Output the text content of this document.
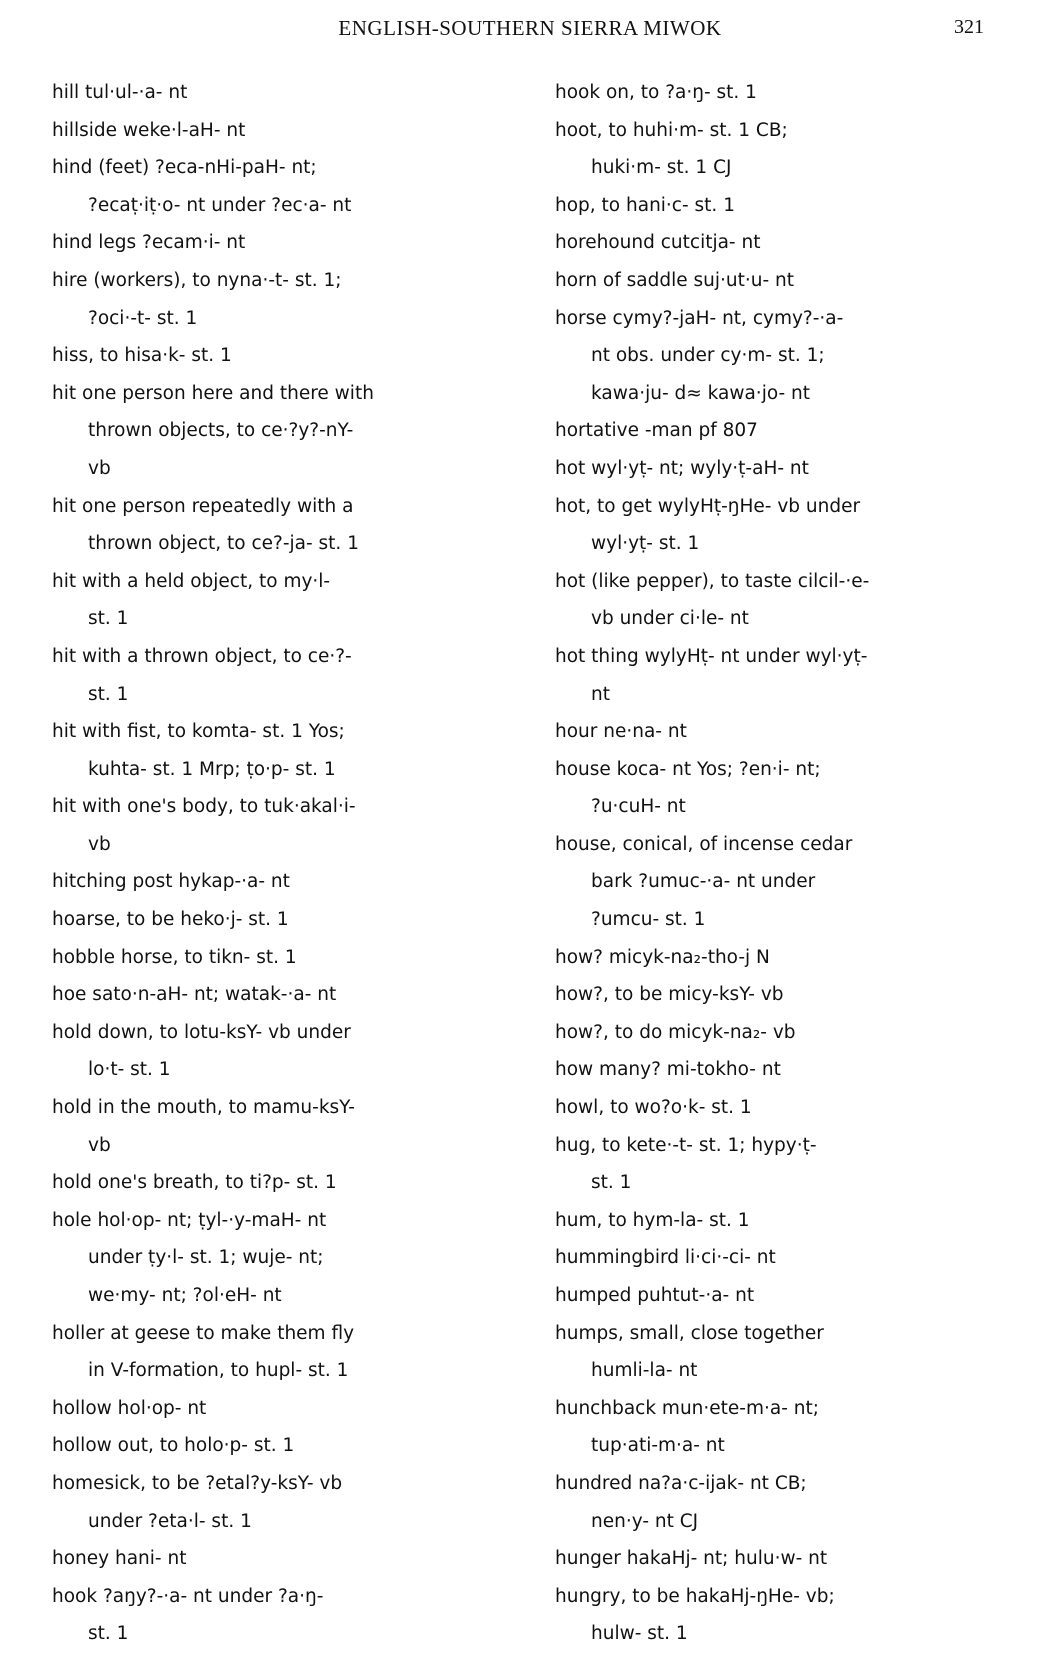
ENGLISH-SOUTHERN SIERRA MIWOK	321
hill tul·ul-·a- nt
hillside weke·l-aH- nt
hind (feet) ?eca-nHi-paH- nt;
?ecaṭ·iṭ·o- nt under ?ec·a- nt
hind legs ?ecam·i- nt
hire (workers), to nyna·-t- st. 1;
?oci·-t- st. 1
hiss, to hisa·k- st. 1
hit one person here and there with
thrown objects, to ce·?y?-nY-
vb
hit one person repeatedly with a
thrown object, to ce?-ja- st. 1
hit with a held object, to my·l-
st. 1
hit with a thrown object, to ce·?-
st. 1
hit with fist, to komta- st. 1 Yos;
kuhta- st. 1 Mrp; ṭo·p- st. 1
hit with one's body, to tuk·akal·i-
vb
hitching post hykap-·a- nt
hoarse, to be heko·j- st. 1
hobble horse, to tikn- st. 1
hoe sato·n-aH- nt; watak-·a- nt
hold down, to lotu-ksY- vb under
lo·t- st. 1
hold in the mouth, to mamu-ksY-
vb
hold one's breath, to ti?p- st. 1
hole hol·op- nt; ṭyl-·y-maH- nt
under ṭy·l- st. 1; wuje- nt;
we·my- nt; ?ol·eH- nt
holler at geese to make them fly
in V-formation, to hupl- st. 1
hollow hol·op- nt
hollow out, to holo·p- st. 1
homesick, to be ?etal?y-ksY- vb
under ?eta·l- st. 1
honey hani- nt
hook ?aŋy?-·a- nt under ?a·ŋ-
st. 1
hook on, to ?a·ŋ- st. 1
hoot, to huhi·m- st. 1 CB;
huki·m- st. 1 CJ
hop, to hani·c- st. 1
horehound cutcitja- nt
horn of saddle suj·ut·u- nt
horse cymy?-jaH- nt, cymy?-·a-
nt obs. under cy·m- st. 1;
kawa·ju- d≈ kawa·jo- nt
hortative -man pf 807
hot wyl·yṭ- nt; wyly·ṭ-aH- nt
hot, to get wylyHṭ-ŋHe- vb under
wyl·yṭ- st. 1
hot (like pepper), to taste cilcil-·e-
vb under ci·le- nt
hot thing wylyHṭ- nt under wyl·yṭ-
nt
hour ne·na- nt
house koca- nt Yos; ?en·i- nt;
?u·cuH- nt
house, conical, of incense cedar
bark ?umuc-·a- nt under
?umcu- st. 1
how? micyk-na₂-tho-j N
how?, to be micy-ksY- vb
how?, to do micyk-na₂- vb
how many? mi-tokho- nt
howl, to wo?o·k- st. 1
hug, to kete·-t- st. 1; hypy·ṭ-
st. 1
hum, to hym-la- st. 1
hummingbird li·ci·-ci- nt
humped puhtut-·a- nt
humps, small, close together
humli-la- nt
hunchback mun·ete-m·a- nt;
tup·ati-m·a- nt
hundred na?a·c-ijak- nt CB;
nen·y- nt CJ
hunger hakaHj- nt; hulu·w- nt
hungry, to be hakaHj-ŋHe- vb;
hulw- st. 1
